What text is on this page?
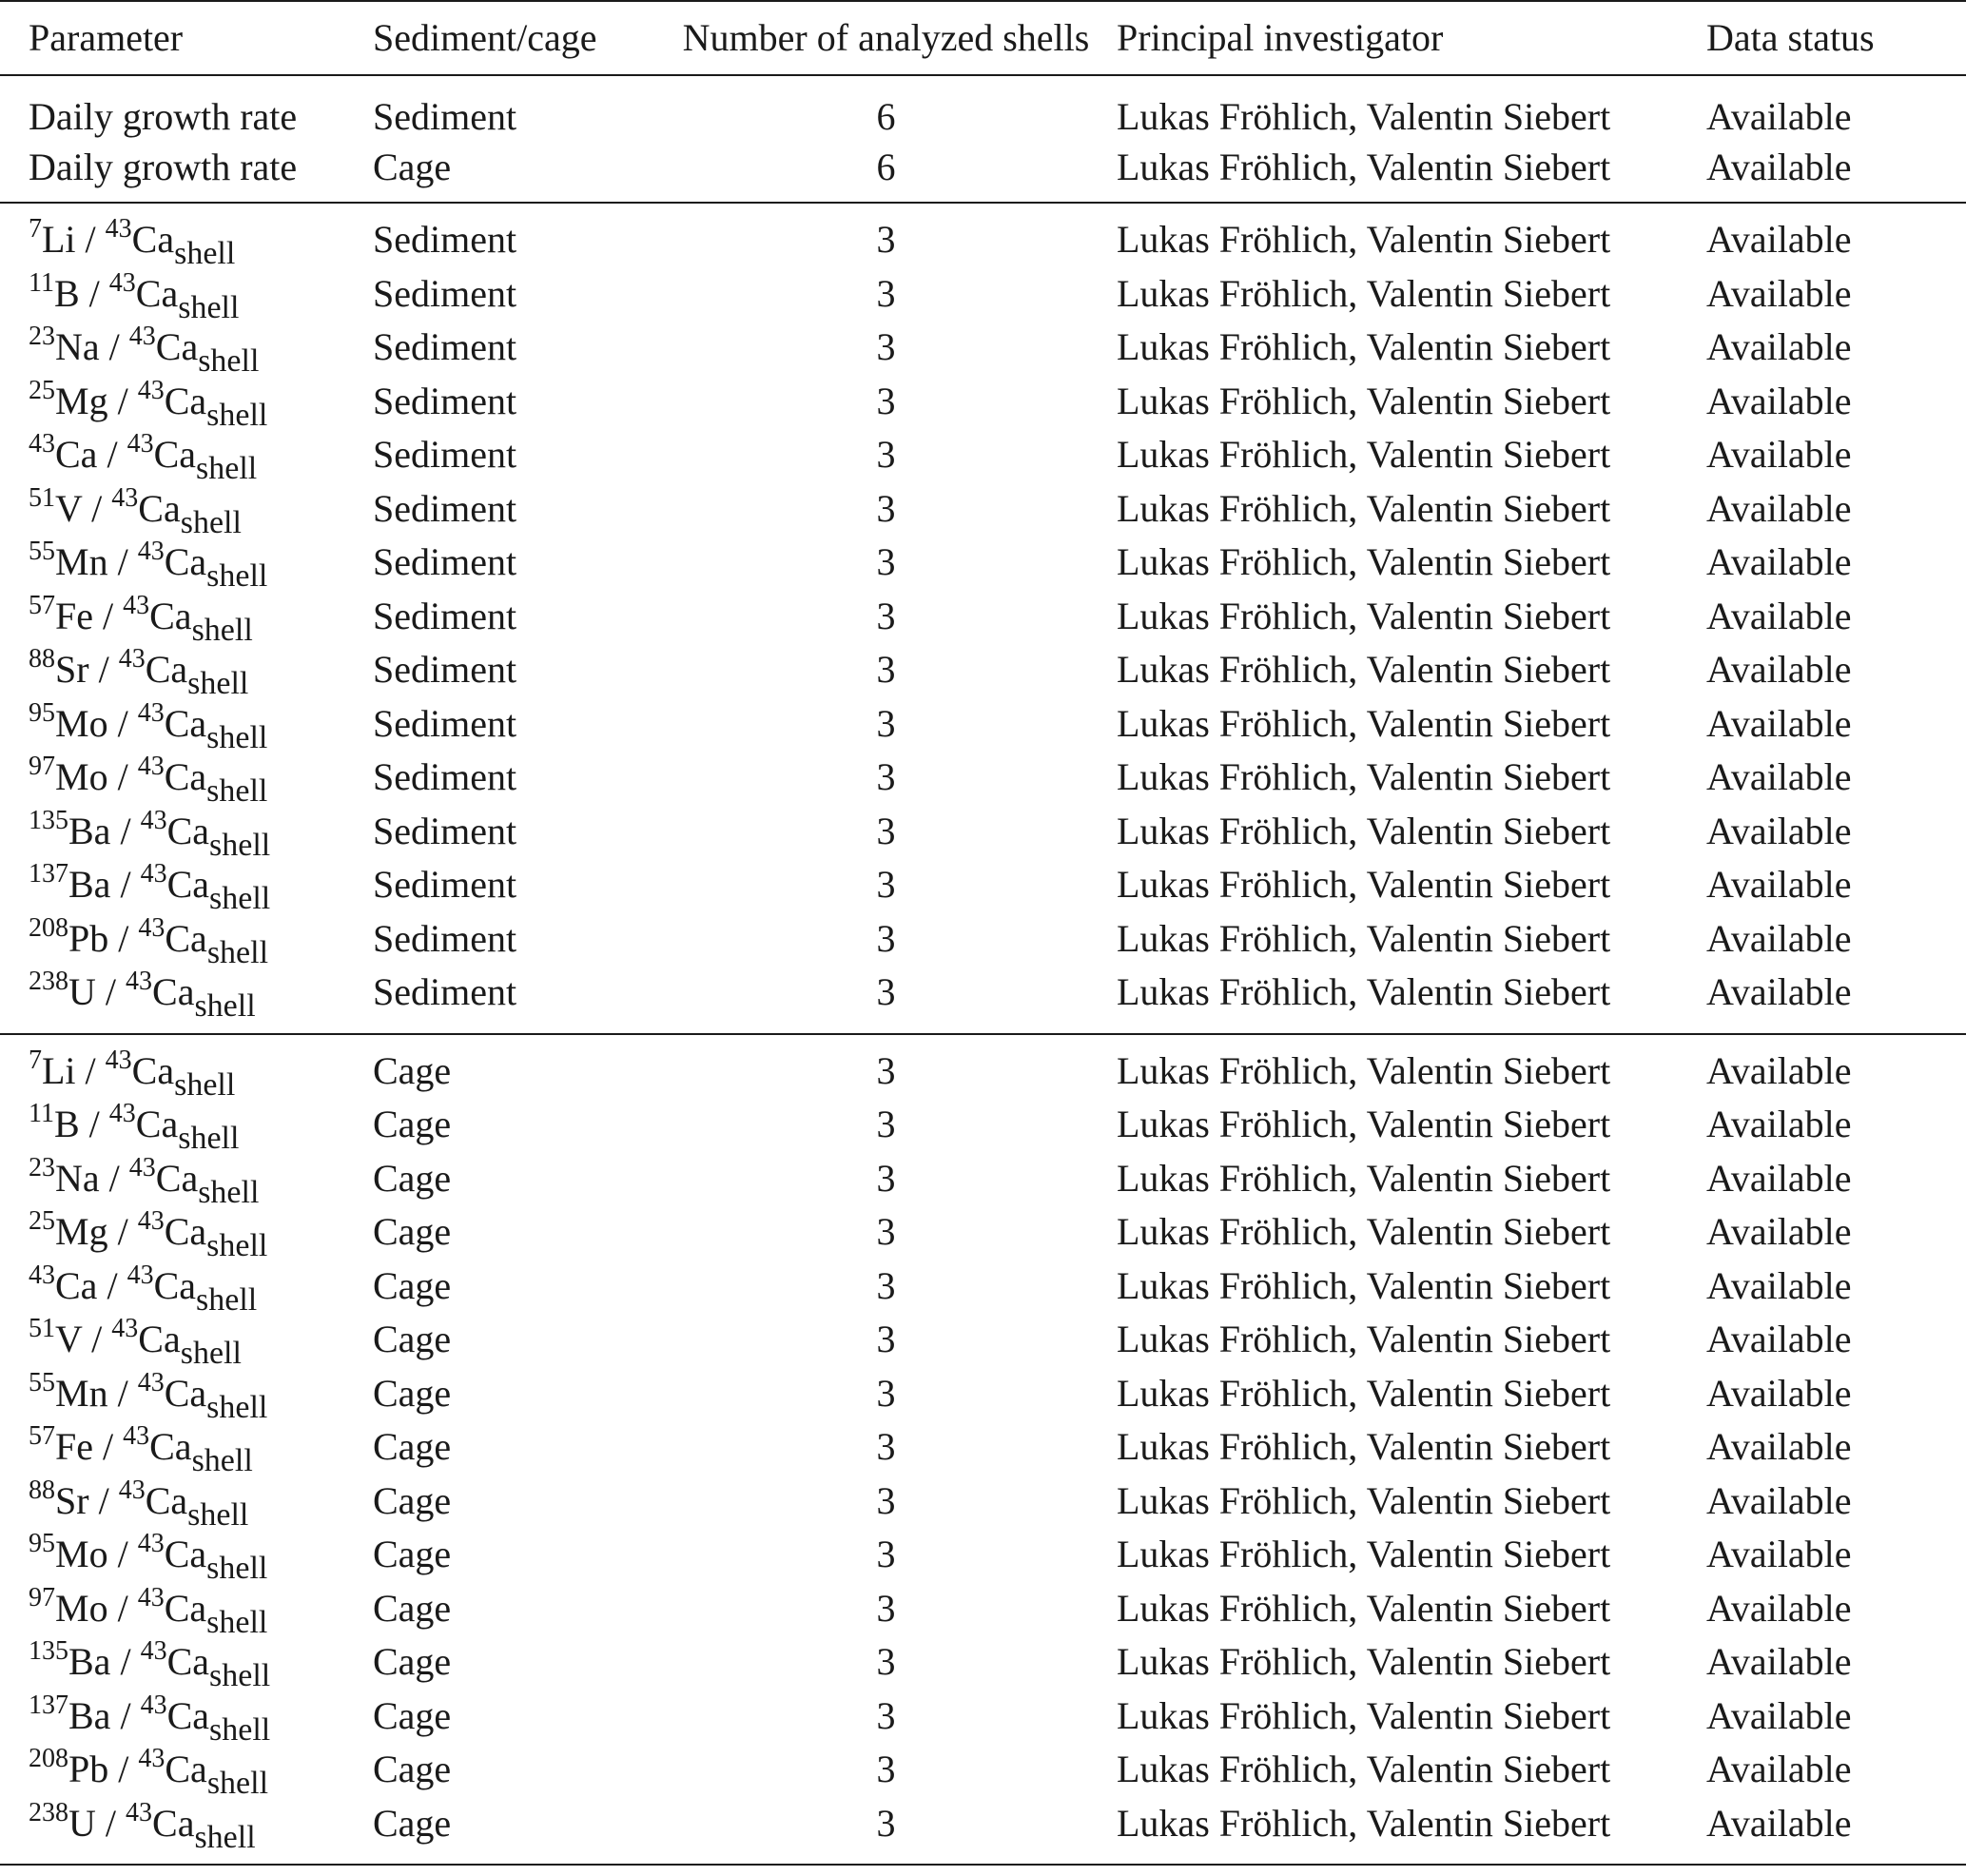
Parameter	Sediment/cage	Number of analyzed shells	Principal investigator	Data status
Daily growth rate	Sediment	6	Lukas Fröhlich, Valentin Siebert	Available
Daily growth rate	Cage	6	Lukas Fröhlich, Valentin Siebert	Available
$^7Li / ^{43}Ca_{shell}$	Sediment	3	Lukas Fröhlich, Valentin Siebert	Available
$^{11}B / ^{43}Ca_{shell}$	Sediment	3	Lukas Fröhlich, Valentin Siebert	Available
$^{23}Na / ^{43}Ca_{shell}$	Sediment	3	Lukas Fröhlich, Valentin Siebert	Available
$^{25}Mg / ^{43}Ca_{shell}$	Sediment	3	Lukas Fröhlich, Valentin Siebert	Available
$^{43}Ca / ^{43}Ca_{shell}$	Sediment	3	Lukas Fröhlich, Valentin Siebert	Available
$^{51}V / ^{43}Ca_{shell}$	Sediment	3	Lukas Fröhlich, Valentin Siebert	Available
$^{55}Mn / ^{43}Ca_{shell}$	Sediment	3	Lukas Fröhlich, Valentin Siebert	Available
$^{57}Fe / ^{43}Ca_{shell}$	Sediment	3	Lukas Fröhlich, Valentin Siebert	Available
$^{88}Sr / ^{43}Ca_{shell}$	Sediment	3	Lukas Fröhlich, Valentin Siebert	Available
$^{95}Mo / ^{43}Ca_{shell}$	Sediment	3	Lukas Fröhlich, Valentin Siebert	Available
$^{97}Mo / ^{43}Ca_{shell}$	Sediment	3	Lukas Fröhlich, Valentin Siebert	Available
$^{135}Ba / ^{43}Ca_{shell}$	Sediment	3	Lukas Fröhlich, Valentin Siebert	Available
$^{137}Ba / ^{43}Ca_{shell}$	Sediment	3	Lukas Fröhlich, Valentin Siebert	Available
$^{208}Pb / ^{43}Ca_{shell}$	Sediment	3	Lukas Fröhlich, Valentin Siebert	Available
$^{238}U / ^{43}Ca_{shell}$	Sediment	3	Lukas Fröhlich, Valentin Siebert	Available
$^7Li / ^{43}Ca_{shell}$	Cage	3	Lukas Fröhlich, Valentin Siebert	Available
$^{11}B / ^{43}Ca_{shell}$	Cage	3	Lukas Fröhlich, Valentin Siebert	Available
$^{23}Na / ^{43}Ca_{shell}$	Cage	3	Lukas Fröhlich, Valentin Siebert	Available
$^{25}Mg / ^{43}Ca_{shell}$	Cage	3	Lukas Fröhlich, Valentin Siebert	Available
$^{43}Ca / ^{43}Ca_{shell}$	Cage	3	Lukas Fröhlich, Valentin Siebert	Available
$^{51}V / ^{43}Ca_{shell}$	Cage	3	Lukas Fröhlich, Valentin Siebert	Available
$^{55}Mn / ^{43}Ca_{shell}$	Cage	3	Lukas Fröhlich, Valentin Siebert	Available
$^{57}Fe / ^{43}Ca_{shell}$	Cage	3	Lukas Fröhlich, Valentin Siebert	Available
$^{88}Sr / ^{43}Ca_{shell}$	Cage	3	Lukas Fröhlich, Valentin Siebert	Available
$^{95}Mo / ^{43}Ca_{shell}$	Cage	3	Lukas Fröhlich, Valentin Siebert	Available
$^{97}Mo / ^{43}Ca_{shell}$	Cage	3	Lukas Fröhlich, Valentin Siebert	Available
$^{135}Ba / ^{43}Ca_{shell}$	Cage	3	Lukas Fröhlich, Valentin Siebert	Available
$^{137}Ba / ^{43}Ca_{shell}$	Cage	3	Lukas Fröhlich, Valentin Siebert	Available
$^{208}Pb / ^{43}Ca_{shell}$	Cage	3	Lukas Fröhlich, Valentin Siebert	Available
$^{238}U / ^{43}Ca_{shell}$	Cage	3	Lukas Fröhlich, Valentin Siebert	Available
